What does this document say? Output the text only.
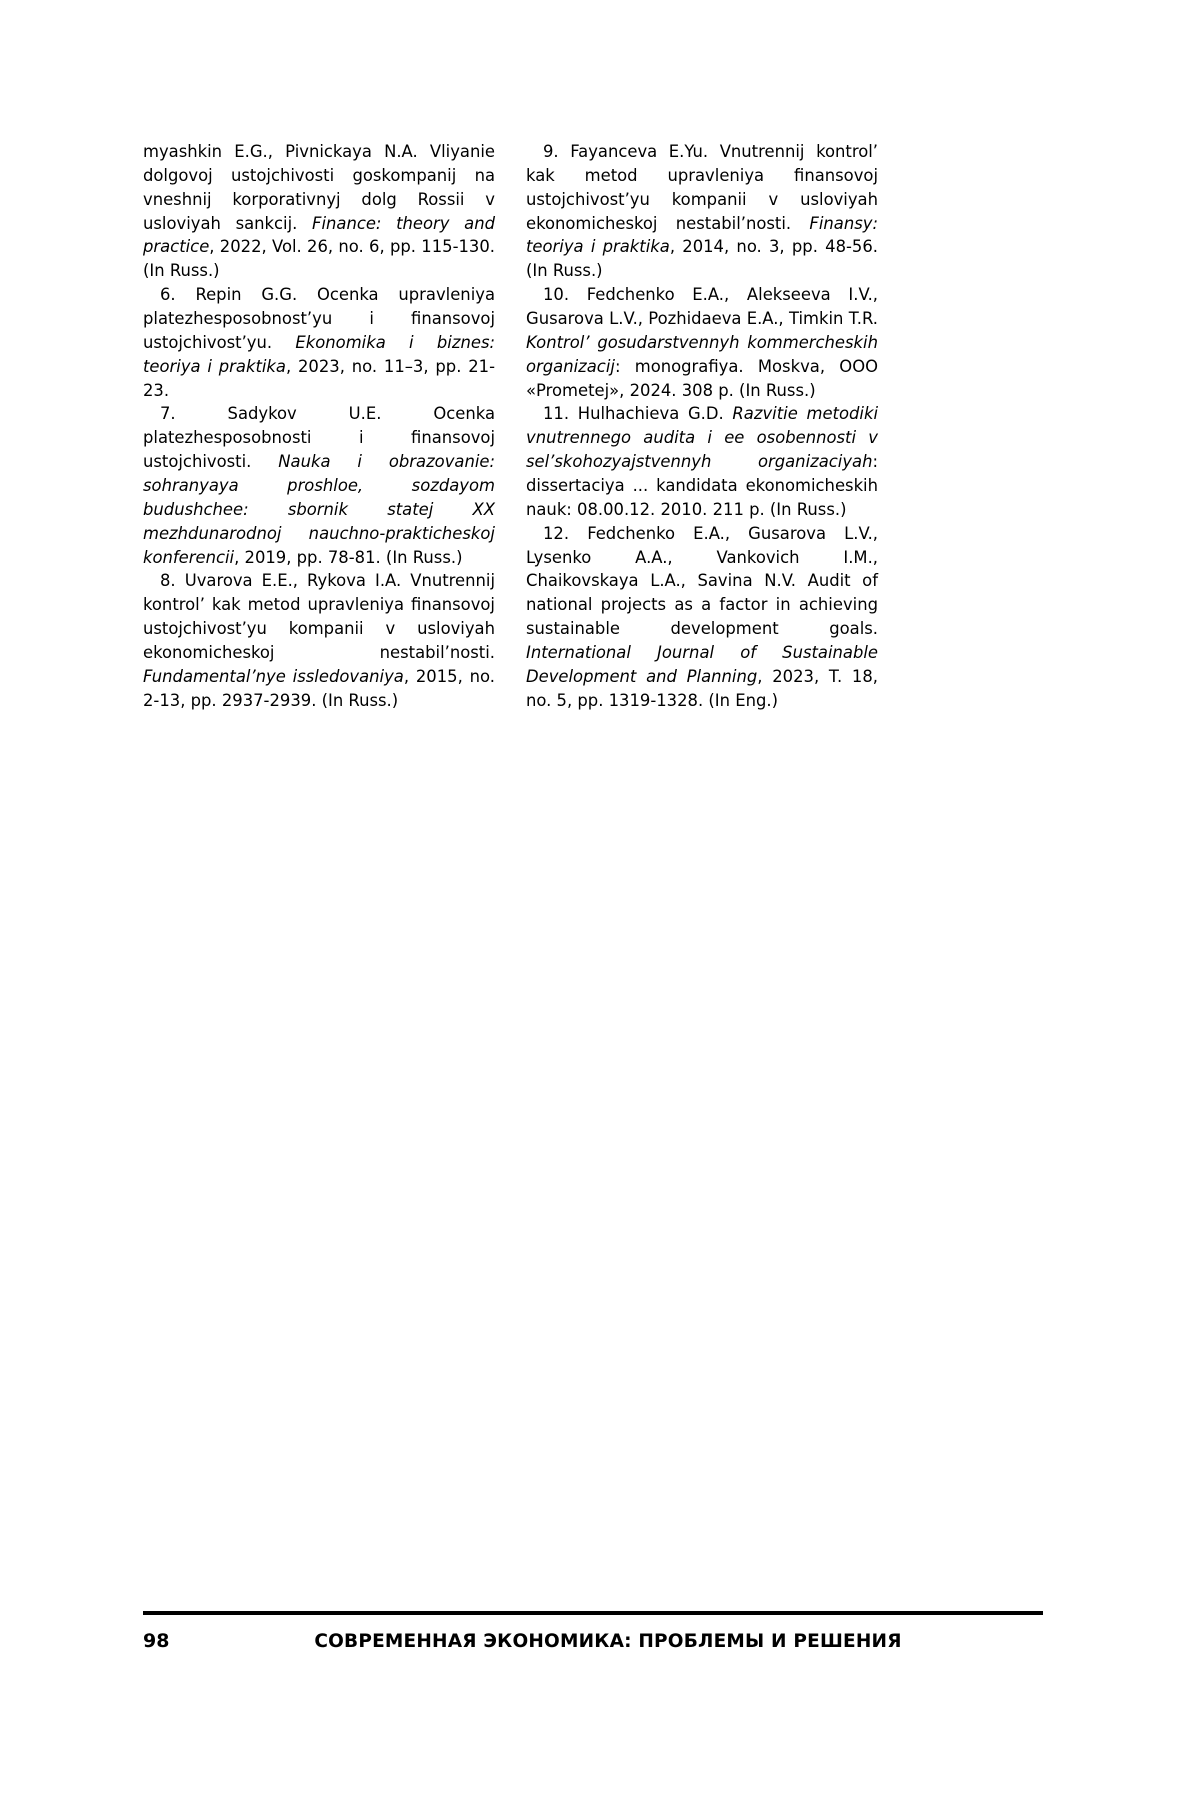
myashkin E.G., Pivnickaya N.A. Vliyanie dolgovoj ustojchivosti goskompanij na vneshnij korporativnyj dolg Rossii v usloviyah sankcij. Finance: theory and practice, 2022, Vol. 26, no. 6, pp. 115-130. (In Russ.)

6. Repin G.G. Ocenka upravleniya platezhesposobnost’yu i finansovoj ustojchivost’yu. Ekonomika i biznes: teoriya i praktika, 2023, no. 11–3, pp. 21-23.

7. Sadykov U.E. Ocenka platezhesposobnosti i finansovoj ustojchivosti. Nauka i obrazovanie: sohranyaya proshloe, sozdayom budushchee: sbornik statej XX mezhdunarodnoj nauchno-prakticheskoj konferencii, 2019, pp. 78-81. (In Russ.)

8. Uvarova E.E., Rykova I.A. Vnutrennij kontrol’ kak metod upravleniya finansovoj ustojchivost’yu kompanii v usloviyah ekonomicheskoj nestabil’nosti. Fundamental’nye issledovaniya, 2015, no. 2-13, pp. 2937-2939. (In Russ.)

9. Fayanceva E.Yu. Vnutrennij kontrol’ kak metod upravleniya finansovoj ustojchivost’yu kompanii v usloviyah ekonomicheskoj nestabil’nosti. Finansy: teoriya i praktika, 2014, no. 3, pp. 48-56. (In Russ.)

10. Fedchenko E.A., Alekseeva I.V., Gusarova L.V., Pozhidaeva E.A., Timkin T.R. Kontrol’ gosudarstvennyh kommercheskih organizacij: monografiya. Moskva, OOO «Prometej», 2024. 308 p. (In Russ.)

11. Hulhachieva G.D. Razvitie metodiki vnutrennego audita i ee osobennosti v sel’skohozyajstvennyh organizaciyah: dissertaciya ... kandidata ekonomicheskih nauk: 08.00.12. 2010. 211 p. (In Russ.)

12. Fedchenko E.A., Gusarova L.V., Lysenko A.A., Vankovich I.M., Chaikovskaya L.A., Savina N.V. Audit of national projects as a factor in achieving sustainable development goals. International Journal of Sustainable Development and Planning, 2023, T. 18, no. 5, pp. 1319-1328. (In Eng.)

98	СОВРЕМЕННАЯ ЭКОНОМИКА: ПРОБЛЕМЫ И РЕШЕНИЯ
